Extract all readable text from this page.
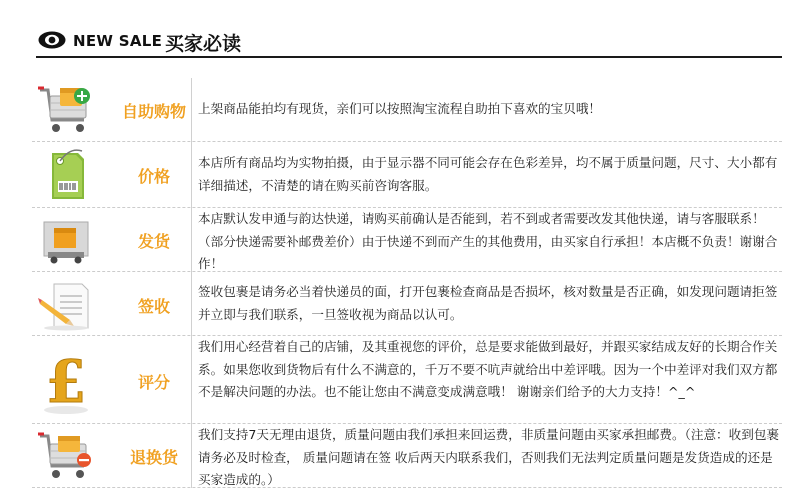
NEW SALE 买家必读
自助购物 上架商品能拍均有现货，亲们可以按照淘宝流程自助拍下喜欢的宝贝哦！
价格
本店所有商品均为实物拍摄，由于显示器不同可能会存在色彩差异，均不属于质量问题，尺寸、大小都有详细描述，不清楚的请在购买前咨询客服。
发货
本店默认发申通与韵达快递，请购买前确认是否能到，若不到或者需要改发其他快递，请与客服联系！（部分快递需要补邮费差价）由于快递不到而产生的其他费用，由买家自行承担！本店概不负责！谢谢合作！
签收
签收包裹是请务必当着快递员的面，打开包裹检查商品是否损坏，核对数量是否正确，如发现问题请拒签并立即与我们联系，一旦签收视为商品以认可。
£	评分
我们用心经营着自己的店铺，及其重视您的评价，总是要求能做到最好，并跟买家结成友好的长期合作关系。如果您收到货物后有什么不满意的，千万不要不吭声就给出中差评哦。因为一个中差评对我们双方都不是解决问题的办法。也不能让您由不满意变成满意哦！ 谢谢亲们给予的大力支持！^_^
退换货
我们支持7天无理由退货，质量问题由我们承担来回运费，非质量问题由买家承担邮费。（注意：收到包裹请务必及时检查， 质量问题请在签 收后两天内联系我们，否则我们无法判定质量问题是发货造成的还是买家造成的。）
